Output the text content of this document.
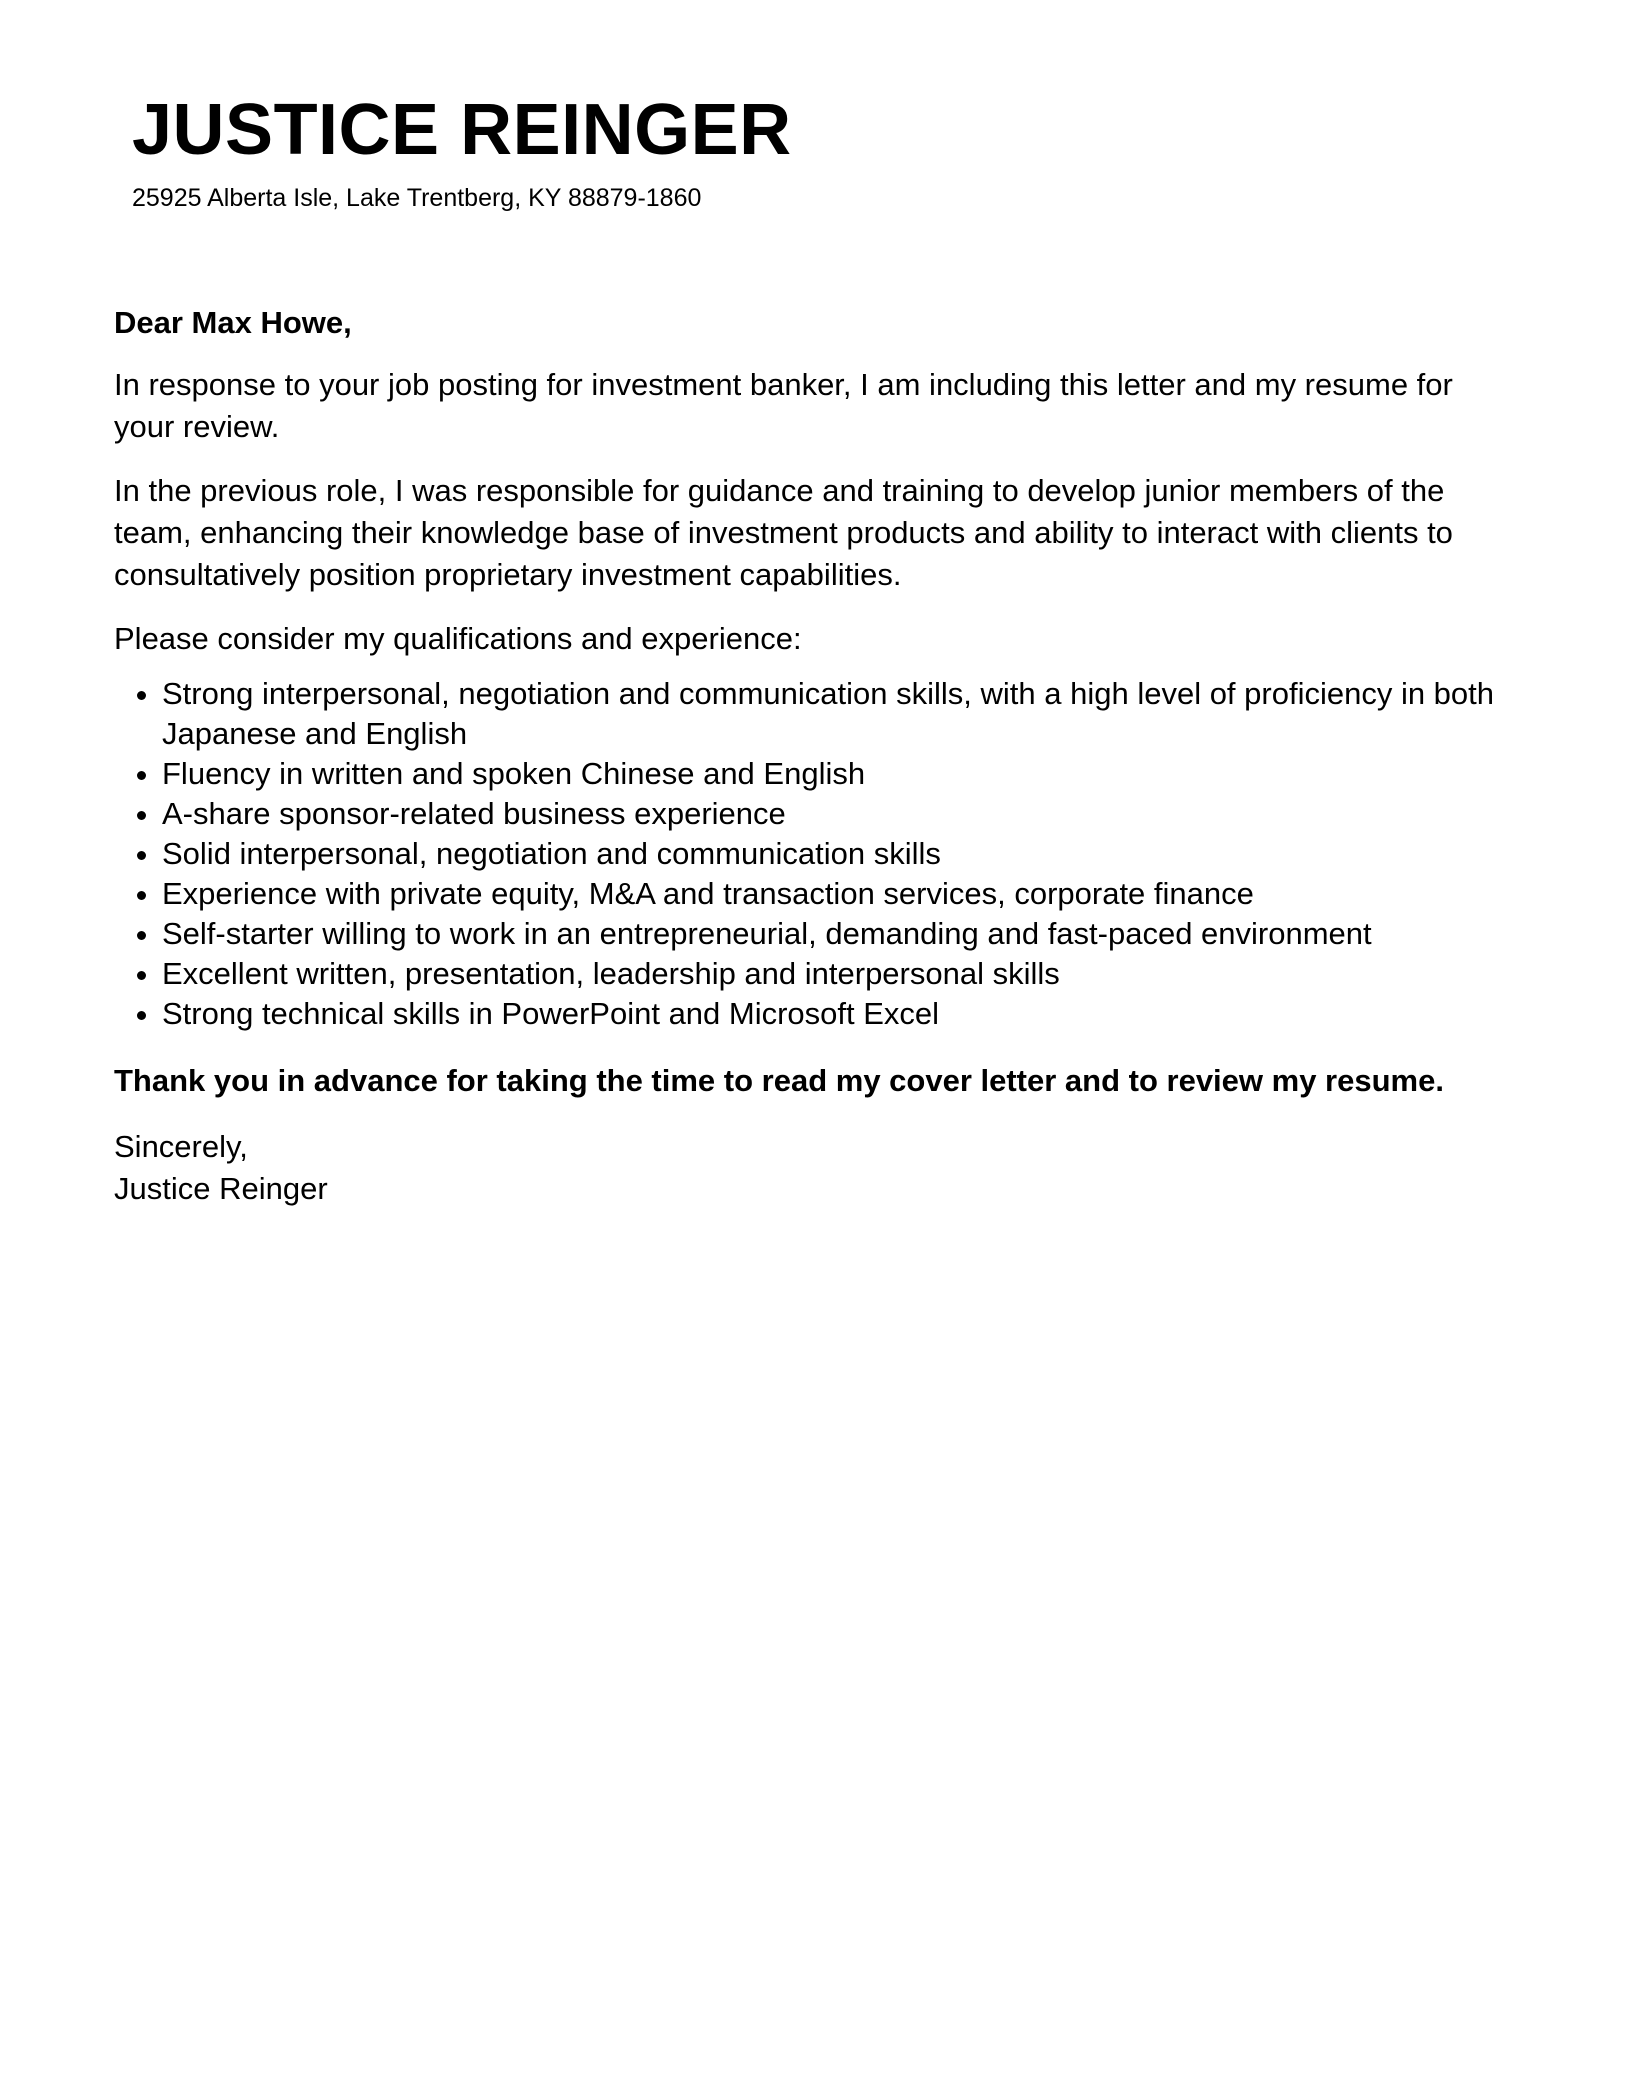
JUSTICE REINGER
25925 Alberta Isle, Lake Trentberg, KY 88879-1860

Dear Max Howe,

In response to your job posting for investment banker, I am including this letter and my resume for your review.

In the previous role, I was responsible for guidance and training to develop junior members of the team, enhancing their knowledge base of investment products and ability to interact with clients to consultatively position proprietary investment capabilities.

Please consider my qualifications and experience:

• Strong interpersonal, negotiation and communication skills, with a high level of proficiency in both Japanese and English
• Fluency in written and spoken Chinese and English
• A-share sponsor-related business experience
• Solid interpersonal, negotiation and communication skills
• Experience with private equity, M&A and transaction services, corporate finance
• Self-starter willing to work in an entrepreneurial, demanding and fast-paced environment
• Excellent written, presentation, leadership and interpersonal skills
• Strong technical skills in PowerPoint and Microsoft Excel

Thank you in advance for taking the time to read my cover letter and to review my resume.

Sincerely,

Justice Reinger
